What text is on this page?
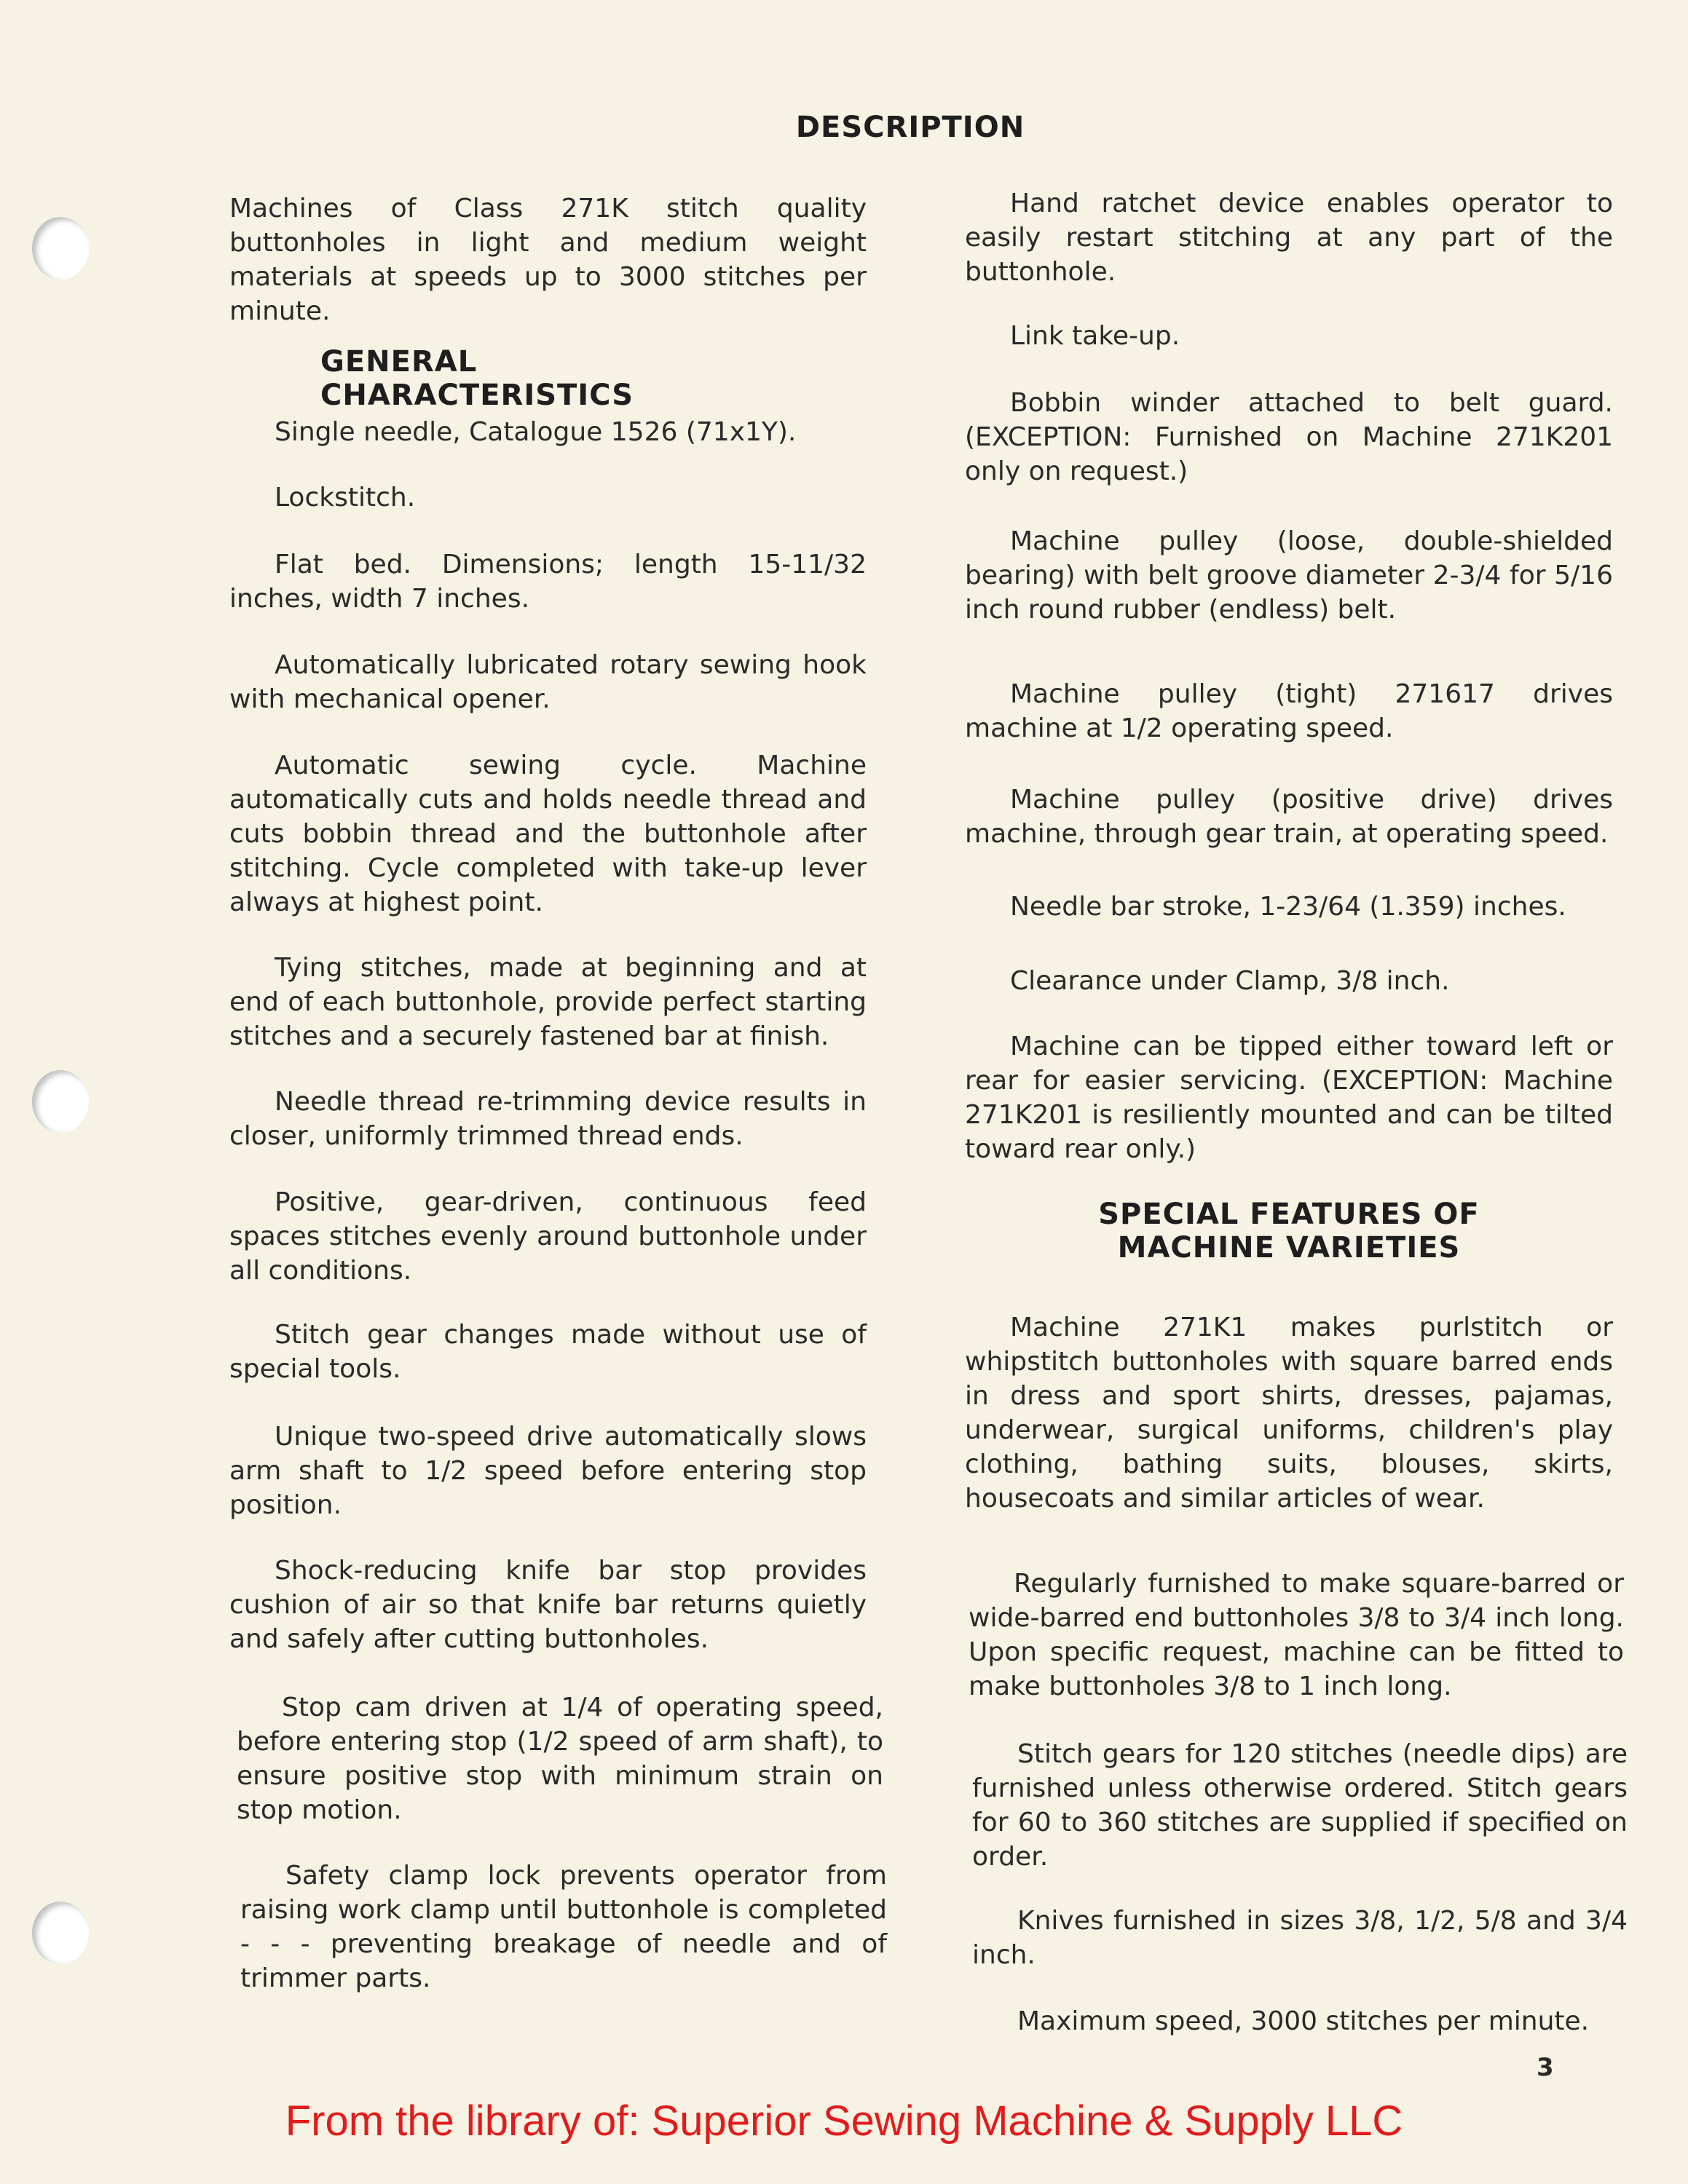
DESCRIPTION
Machines of Class 271K stitch quality buttonholes in light and medium weight materials at speeds up to 3000 stitches per minute.
GENERAL CHARACTERISTICS
Single needle, Catalogue 1526 (71x1Y).
Lockstitch.
Flat bed. Dimensions; length 15-11/32 inches, width 7 inches.
Automatically lubricated rotary sewing hook with mechanical opener.
Automatic sewing cycle. Machine automatically cuts and holds needle thread and cuts bobbin thread and the buttonhole after stitching. Cycle completed with take-up lever always at highest point.
Tying stitches, made at beginning and at end of each buttonhole, provide perfect starting stitches and a securely fastened bar at finish.
Needle thread re-trimming device results in closer, uniformly trimmed thread ends.
Positive, gear-driven, continuous feed spaces stitches evenly around buttonhole under all conditions.
Stitch gear changes made without use of special tools.
Unique two-speed drive automatically slows arm shaft to 1/2 speed before entering stop position.
Shock-reducing knife bar stop provides cushion of air so that knife bar returns quietly and safely after cutting buttonholes.
Stop cam driven at 1/4 of operating speed, before entering stop (1/2 speed of arm shaft), to ensure positive stop with minimum strain on stop motion.
Safety clamp lock prevents operator from raising work clamp until buttonhole is completed - - - preventing breakage of needle and of trimmer parts.
Hand ratchet device enables operator to easily restart stitching at any part of the buttonhole.
Link take-up.
Bobbin winder attached to belt guard. (EXCEPTION: Furnished on Machine 271K201 only on request.)
Machine pulley (loose, double-shielded bearing) with belt groove diameter 2-3/4 for 5/16 inch round rubber (endless) belt.
Machine pulley (tight) 271617 drives machine at 1/2 operating speed.
Machine pulley (positive drive) drives machine, through gear train, at operating speed.
Needle bar stroke, 1-23/64 (1.359) inches.
Clearance under Clamp, 3/8 inch.
Machine can be tipped either toward left or rear for easier servicing. (EXCEPTION: Machine 271K201 is resiliently mounted and can be tilted toward rear only.)
SPECIAL FEATURES OF
MACHINE VARIETIES
Machine 271K1 makes purlstitch or whipstitch buttonholes with square barred ends in dress and sport shirts, dresses, pajamas, underwear, surgical uniforms, children's play clothing, bathing suits, blouses, skirts, housecoats and similar articles of wear.
Regularly furnished to make square-barred or wide-barred end buttonholes 3/8 to 3/4 inch long. Upon specific request, machine can be fitted to make buttonholes 3/8 to 1 inch long.
Stitch gears for 120 stitches (needle dips) are furnished unless otherwise ordered. Stitch gears for 60 to 360 stitches are supplied if specified on order.
Knives furnished in sizes 3/8, 1/2, 5/8 and 3/4 inch.
Maximum speed, 3000 stitches per minute.
3
From the library of: Superior Sewing Machine & Supply LLC
